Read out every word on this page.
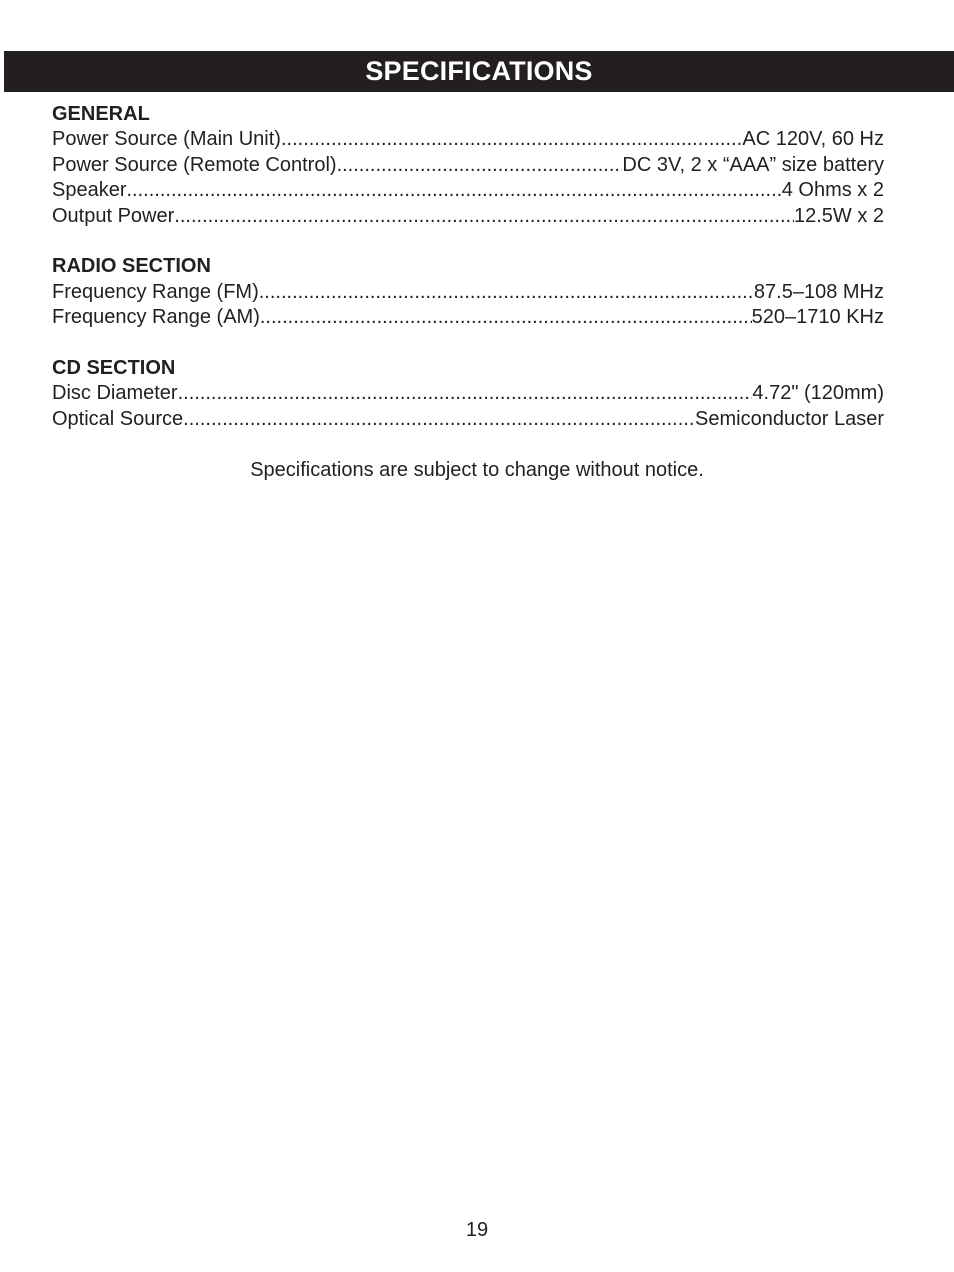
SPECIFICATIONS
GENERAL
Power Source (Main Unit) .....	AC 120V, 60 Hz
Power Source (Remote Control) .....	DC 3V, 2 x “AAA” size battery
Speaker .....	4 Ohms x 2
Output Power .....	12.5W x 2
RADIO SECTION
Frequency Range (FM). .....	87.5–108 MHz
Frequency Range (AM) .....	520–1710 KHz
CD SECTION
Disc Diameter .....	4.72" (120mm)
Optical Source .....	Semiconductor Laser
Specifications are subject to change without notice.
19
